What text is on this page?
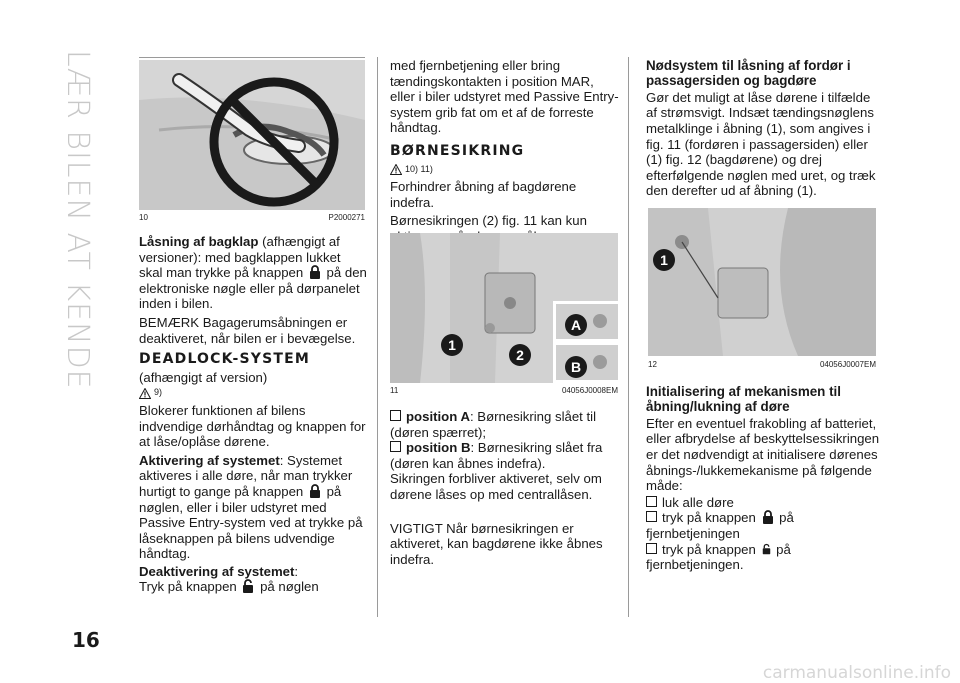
LÆR BILEN AT KENDE	10	P2000271

Låsning af bagklap (afhængigt af versioner): med bagklappen lukket skal man trykke på knappen  på den elektroniske nøgle eller på dørpanelet inden i bilen.

BEMÆRK Bagagerumsåbningen er deaktiveret, når bilen er i bevægelse.

DEADLOCK-SYSTEM

(afhængigt af version)

9)

Blokerer funktionen af bilens indvendige dørhåndtag og knappen for at låse/oplåse dørene.

Aktivering af systemet: Systemet aktiveres i alle døre, når man trykker hurtigt to gange på knappen  på nøglen, eller i biler udstyret med Passive Entry-system ved at trykke på låseknappen på bilens udvendige håndtag.

Deaktivering af systemet:
Tryk på knappen  på nøglen

16

med fjernbetjening eller bring tændingskontakten i position MAR, eller i biler udstyret med Passive Entry-system grib fat om et af de forreste håndtag.

BØRNESIKRING
10) 11)

Forhindrer åbning af bagdørene indefra.

Børnesikringen (2) fig. 11 kan kun

1
2
A
B
11	04056J0008EM

position A: Børnesikring slået til (døren spærret);

position B: Børnesikring slået fra (døren kan åbnes indefra).

Sikringen forbliver aktiveret, selv om dørene låses op med centrallåsen.

VIGTIGT Når børnesikringen er aktiveret, kan bagdørene ikke åbnes indefra.

Nødsystem til låsning af fordør i passagersiden og bagdøre

Gør det muligt at låse dørene i tilfælde af strømsvigt. Indsæt tændingsnøglens metalklinge i åbning (1), som angives i fig. 11 (fordøren i passagersiden) eller (1) fig. 12 (bagdørene) og drej efterfølgende nøglen med uret, og træk den derefter ud af åbning (1).

1
12	04056J0007EM
Initialisering af mekanismen til åbning/lukning af døre

Efter en eventuel frakobling af batteriet, eller afbrydelse af beskyttelsessikringen er det nødvendigt at initialisere dørenes åbnings-/lukkemekanisme på følgende måde:

luk alle døre

tryk på knappen  på fjernbetjeningen

tryk på knappen  på fjernbetjeningen.

carmanualsonline.info
